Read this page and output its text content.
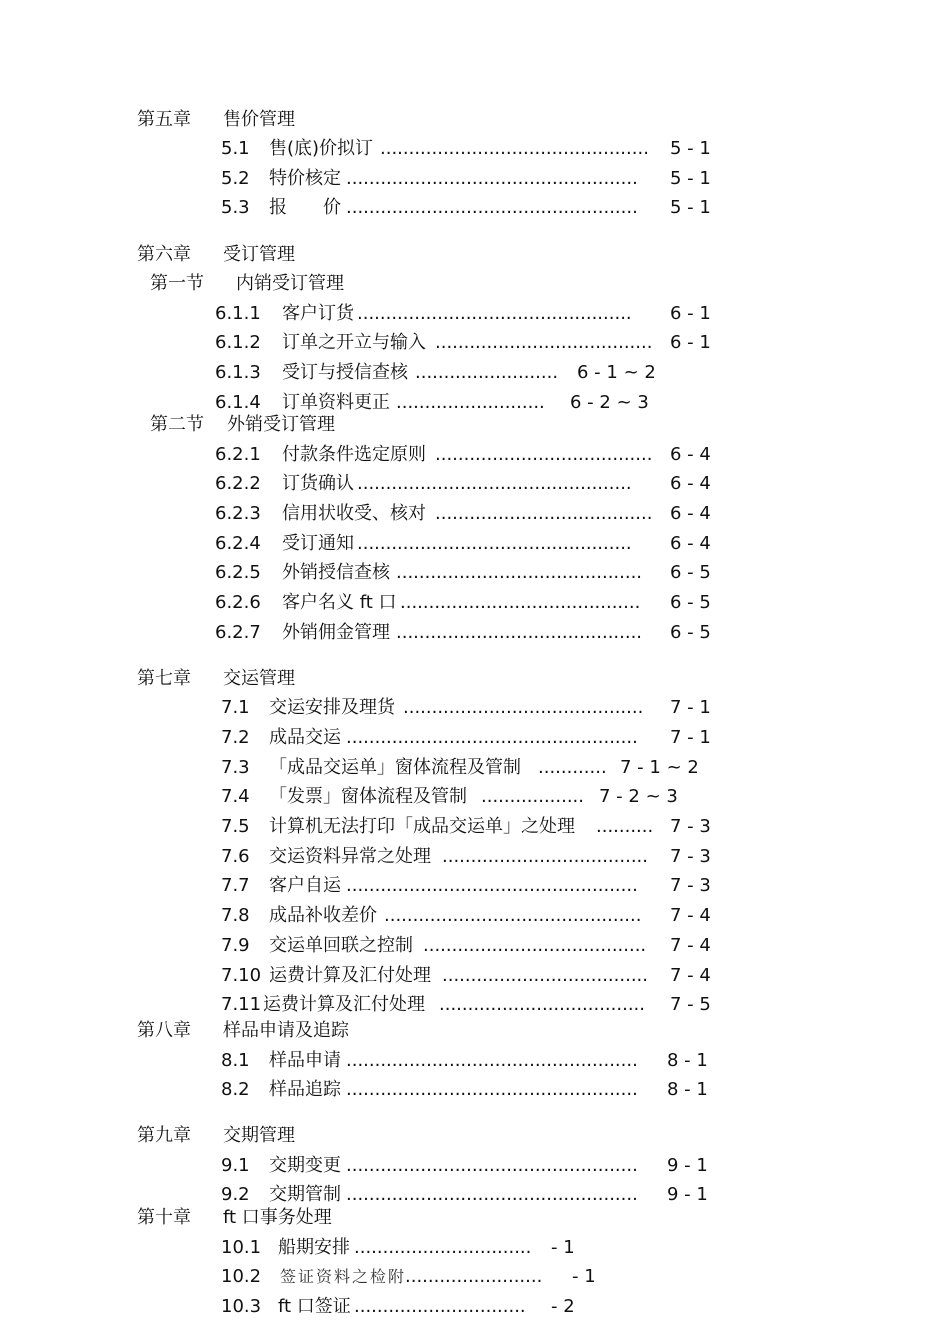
第五章 售价管理
5.1 售(底)价拟订 ............................................... 5 - 1
5.2 特价核定 ................................................... 5 - 1
5.3 报　　价 ................................................... 5 - 1
第六章 受订管理
第一节 内销受订管理
6.1.1 客户订货 ................................................ 6 - 1
6.1.2 订单之开立与输入 ...................................... 6 - 1
6.1.3 受订与授信查核 ......................... 6 - 1 ~ 2
6.1.4 订单资料更正 .......................... 6 - 2 ~ 3
第二节 外销受订管理
6.2.1 付款条件选定原则 ...................................... 6 - 4
6.2.2 订货确认 ................................................ 6 - 4
6.2.3 信用状收受、核对 ...................................... 6 - 4
6.2.4 受订通知 ................................................ 6 - 4
6.2.5 外销授信查核 ........................................... 6 - 5
6.2.6 客户名义 ft 口 .......................................... 6 - 5
6.2.7 外销佣金管理 ........................................... 6 - 5
第七章 交运管理
7.1 交运安排及理货 .......................................... 7 - 1
7.2 成品交运 ................................................... 7 - 1
7.3 「成品交运单」窗体流程及管制 ............ 7 - 1 ~ 2
7.4 「发票」窗体流程及管制 .................. 7 - 2 ~ 3
7.5 计算机无法打印「成品交运单」之处理 .......... 7 - 3
7.6 交运资料异常之处理 .................................... 7 - 3
7.7 客户自运 ................................................... 7 - 3
7.8 成品补收差价 ............................................. 7 - 4
7.9 交运单回联之控制 ....................................... 7 - 4
7.10 运费计算及汇付处理 .................................... 7 - 4
7.11 运费计算及汇付处理 .................................... 7 - 5
第八章 样品申请及追踪
8.1 样品申请 ................................................... 8 - 1
8.2 样品追踪 ................................................... 8 - 1
第九章 交期管理
9.1 交期变更 ................................................... 9 - 1
9.2 交期管制 ................................................... 9 - 1
第十章 ft 口事务处理
10.1 船期安排 ............................... - 1
10.2 签证资料之检附
........................ - 1
10.3 ft 口签证 .............................. - 2
